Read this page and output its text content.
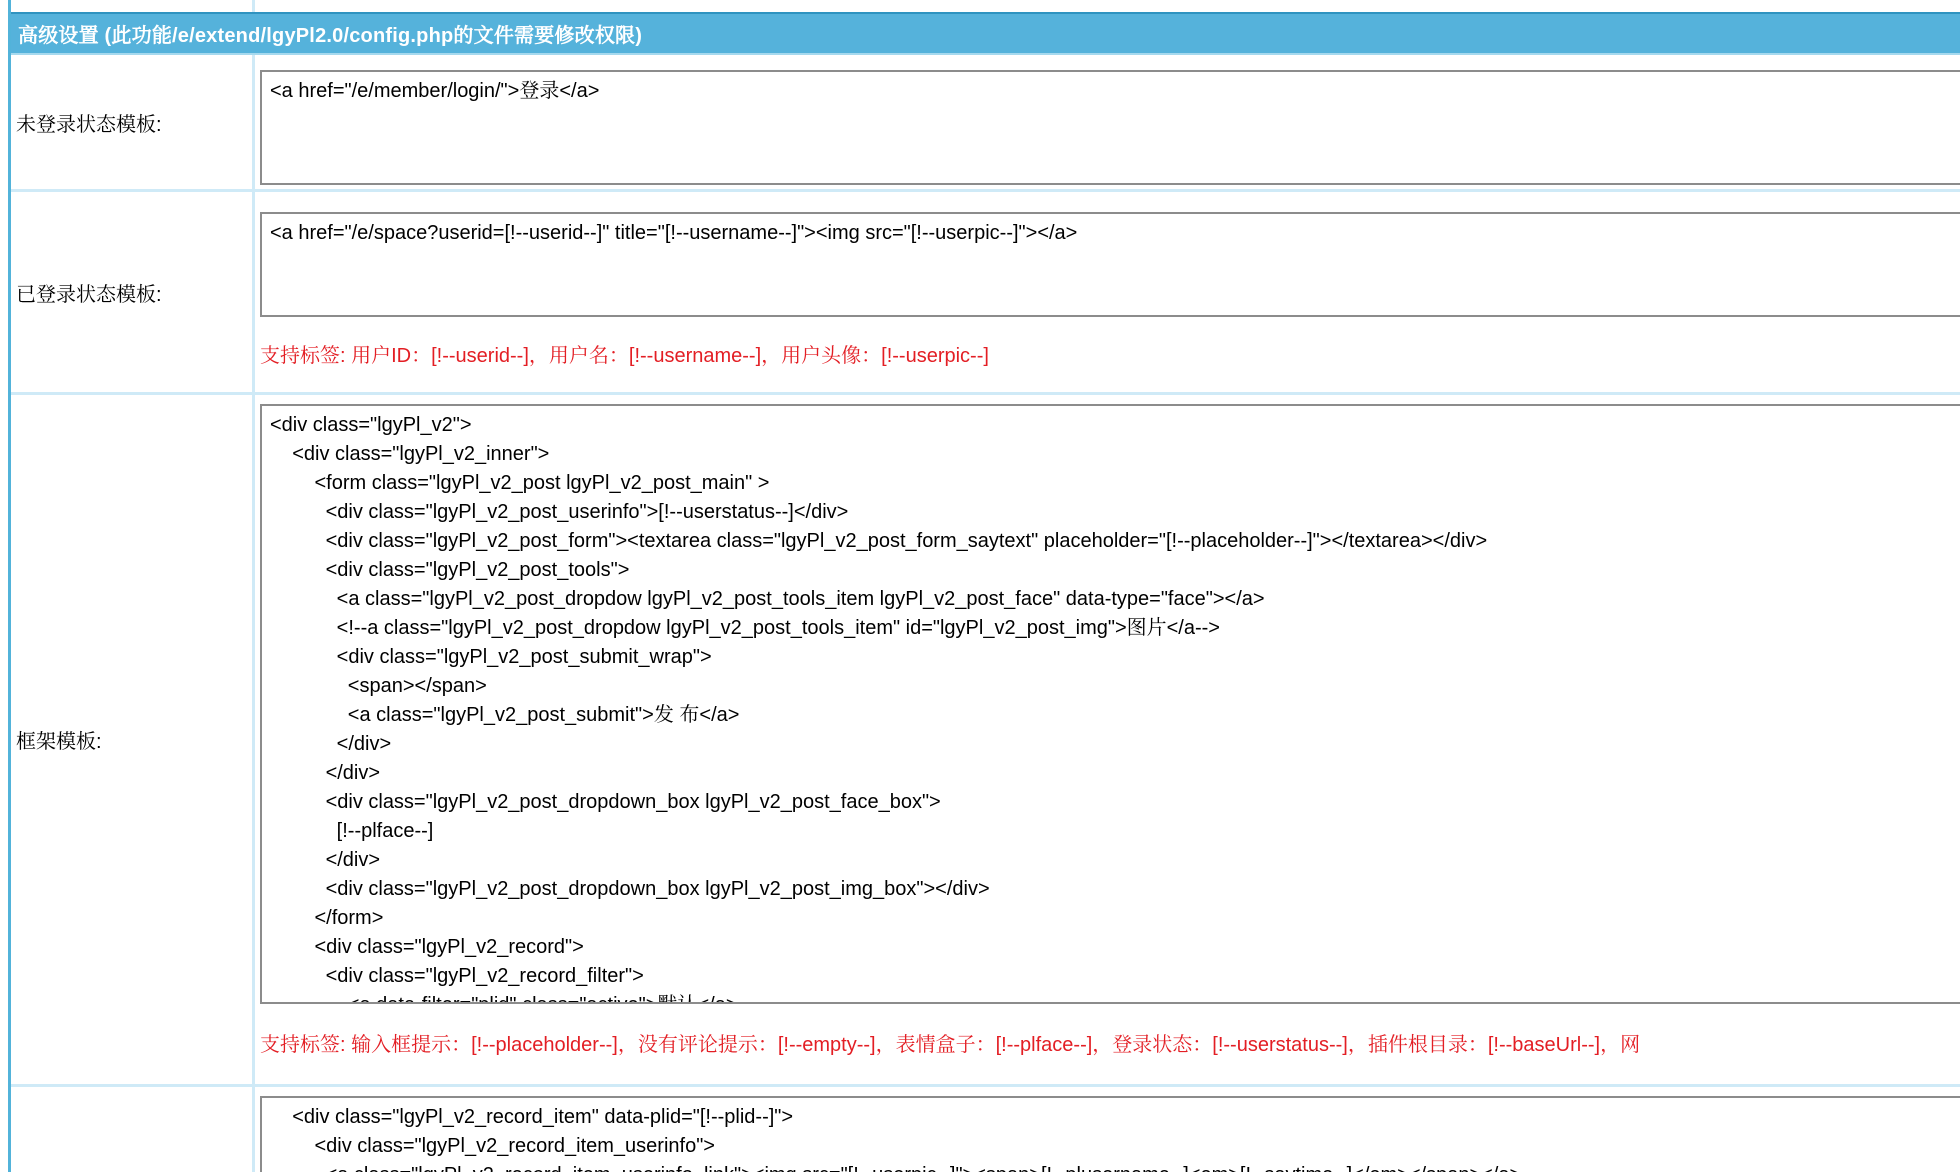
高级设置 (此功能/e/extend/lgyPl2.0/config.php的文件需要修改权限)
未登录状态模板:
<a href="/e/member/login/">登录</a>
已登录状态模板:
<a href="/e/space?userid=[!--userid--]" title="[!--username--]"><img src="[!--userpic--]"></a>
支持标签: 用户ID：[!--userid--]，用户名：[!--username--]，用户头像：[!--userpic--]
框架模板:
<div class="lgyPl_v2"> <div class="lgyPl_v2_inner"> <form class="lgyPl_v2_post lgyPl_v2_post_main" > <div class="lgyPl_v2_post_userinfo">[!--userstatus--]</div> <div class="lgyPl_v2_post_form"><textarea class="lgyPl_v2_post_form_saytext" placeholder="[!--placeholder--]"></textarea></div> <div class="lgyPl_v2_post_tools"> <a class="lgyPl_v2_post_dropdow lgyPl_v2_post_tools_item lgyPl_v2_post_face" data-type="face"></a> <!--a class="lgyPl_v2_post_dropdow lgyPl_v2_post_tools_item" id="lgyPl_v2_post_img">图片</a--> <div class="lgyPl_v2_post_submit_wrap"> <span></span> <a class="lgyPl_v2_post_submit">发 布</a> </div> </div> <div class="lgyPl_v2_post_dropdown_box lgyPl_v2_post_face_box"> [!--plface--] </div> <div class="lgyPl_v2_post_dropdown_box lgyPl_v2_post_img_box"></div> </form> <div class="lgyPl_v2_record"> <div class="lgyPl_v2_record_filter"> <a data-filter="plid" class="active">默认</a>
支持标签: 输入框提示：[!--placeholder--]，没有评论提示：[!--empty--]，表情盒子：[!--plface--]，登录状态：[!--userstatus--]，插件根目录：[!--baseUrl--]，网
<div class="lgyPl_v2_record_item" data-plid="[!--plid--]"> <div class="lgyPl_v2_record_item_userinfo"> <a class="lgyPl_v2_record_item_userinfo_link"><img src="[!--userpic--]"><span>[!--plusername--]<em>[!--saytime--]</em></span></a>
